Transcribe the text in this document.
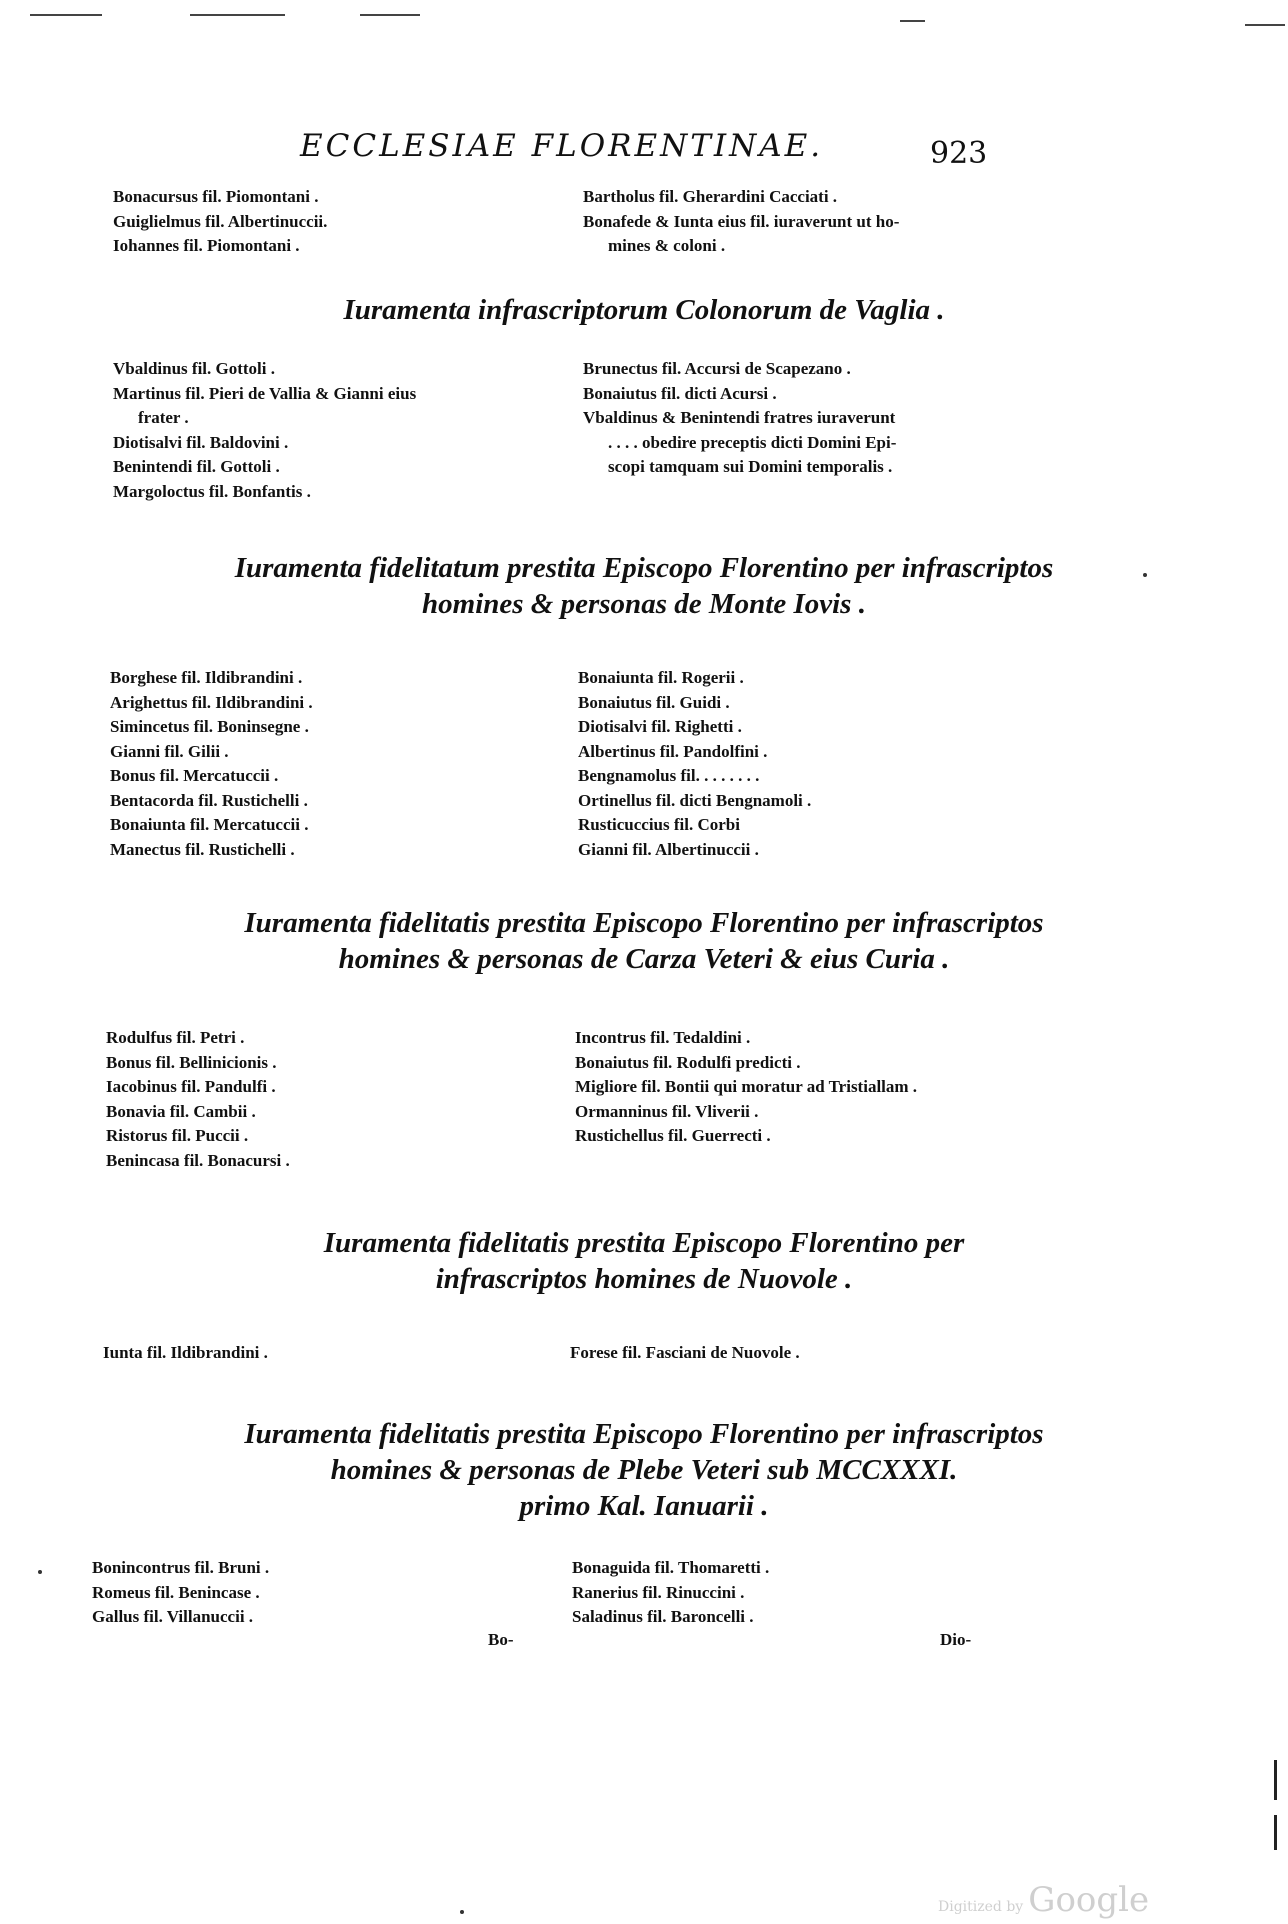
ECCLESIAE FLORENTINAE.	923
Bonacursus fil. Piomontani .
Guiglielmus fil. Albertinuccii.
Iohannes fil. Piomontani .
Bartholus fil. Gherardini Cacciati .
Bonafede & Iunta eius fil. iuraverunt ut ho-
mines & coloni .
Iuramenta infrascriptorum Colonorum de Vaglia .
Vbaldinus fil. Gottoli .
Martinus fil. Pieri de Vallia & Gianni eius
frater .
Diotisalvi fil. Baldovini .
Benintendi fil. Gottoli .
Margoloctus fil. Bonfantis .
Brunectus fil. Accursi de Scapezano .
Bonaiutus fil. dicti Acursi .
Vbaldinus & Benintendi fratres iuraverunt
. . . . obedire preceptis dicti Domini Epi-
scopi tamquam sui Domini temporalis .
Iuramenta fidelitatum prestita Episcopo Florentino per infrascriptos
homines & personas de Monte Iovis .
Borghese fil. Ildibrandini .
Arighettus fil. Ildibrandini .
Simincetus fil. Boninsegne .
Gianni fil. Gilii .
Bonus fil. Mercatuccii .
Bentacorda fil. Rustichelli .
Bonaiunta fil. Mercatuccii .
Manectus fil. Rustichelli .
Bonaiunta fil. Rogerii .
Bonaiutus fil. Guidi .
Diotisalvi fil. Righetti .
Albertinus fil. Pandolfini .
Bengnamolus fil. . . . . . . .
Ortinellus fil. dicti Bengnamoli .
Rusticuccius fil. Corbi
Gianni fil. Albertinuccii .
Iuramenta fidelitatis prestita Episcopo Florentino per infrascriptos
homines & personas de Carza Veteri & eius Curia .
Rodulfus fil. Petri .
Bonus fil. Bellinicionis .
Iacobinus fil. Pandulfi .
Bonavia fil. Cambii .
Ristorus fil. Puccii .
Benincasa fil. Bonacursi .
Incontrus fil. Tedaldini .
Bonaiutus fil. Rodulfi predicti .
Migliore fil. Bontii qui moratur ad Tristiallam .
Ormanninus fil. Vliverii .
Rustichellus fil. Guerrecti .
Iuramenta fidelitatis prestita Episcopo Florentino per
infrascriptos homines de Nuovole .
Iunta fil. Ildibrandini .	Forese fil. Fasciani de Nuovole .
Iuramenta fidelitatis prestita Episcopo Florentino per infrascriptos
homines & personas de Plebe Veteri sub MCCXXXI.
primo Kal. Ianuarii .
Bonincontrus fil. Bruni .
Romeus fil. Benincase .
Gallus fil. Villanuccii .
Bonaguida fil. Thomaretti .
Ranerius fil. Rinuccini .
Saladinus fil. Baroncelli .
Bo-	Dio-
Digitized by Google
